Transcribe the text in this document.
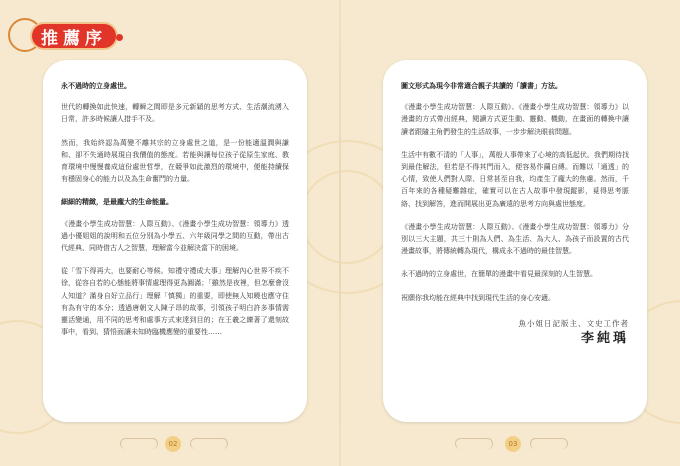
推薦序

永不過時的立身處世。

世代的轉換如此快速，轉瞬之間即是多元新穎的思考方式、生活潮流湧入日常，許多時候讓人措手不及。

然而，我始終認為萬變不離其宗的立身處世之道，是一份能適溫潤與謙和、卻不失通時展現自我價值的態度。若能與讓每位孩子從原生家庭、教育環境中慢慢養成這份處世哲學，在競爭如此激烈的環境中，便能持續保有穩固身心的能力以及為生命奮鬥的力量。

細細的精緻，是最龐大的生命能量。

《漫畫小學生成功智慧：人際互動》、《漫畫小學生成功智慧：領導力》透過小優姐姐的說明和五位分別為小學五、六年級同學之間的互動，帶出古代經典、同時借古人之智慧，理解當今並解決當下的困境。

從「雪下得再大，也要耐心等候。知禮守禮成大事」理解內心世界不疾不徐，從容自若的心態能將事情處理得更為圓滿；「雖然是夜裡，但怎麼會沒人知道？滿身自好立品行」理解「慎獨」的重要，即使無人知曉也應守住有為有守的本分；透過唐朝文人陳子昂的故事，引領孩子明白許多事情需靈活變通，用不同的思考和處事方式來達到目的；在王羲之練著了還刻故事中，看到、猜悟面讓未知時臨機應變的重要性……

圖文形式為現今非常適合親子共讀的「讀書」方法。

《漫畫小學生成功智慧：人際互動》、《漫畫小學生成功智慧：領導力》以漫畫的方式帶出經典，閱讀方式更生動、靈動、機動，在畫面的轉換中讓讀者跟隨主角們發生的生活故事，一步步解決眼前問題。

生活中有數不清的「人事」，萬般人事帶來了心境的高低起伏。我們期待找到最佳解法，但若是不得其門而入，便容易作繭自縛。而難以「通透」的心情，致使人們對人際、日常甚至自我，均產生了龐大的焦慮。然而，千百年來的各種疑難雜症，確實可以在古人故事中發現蹤影，覓得思考脈絡、找到解答，進而開展出更為廣遠的思考方向與處世態度。

《漫畫小學生成功智慧：人際互動》、《漫畫小學生成功智慧：領導力》分別以三大主題，共三十則為人們、為生活、為大人、為孩子而設置的古代漫畫故事，將傳統轉為現代，構成永不過時的最佳智慧。

永不過時的立身處世，在簡單的漫畫中看見最深刻的人生智慧。

祝願你我均能在經典中找到現代生活的身心安適。

魚小姐日記版主、文史工作者
李純瑀
02	03
